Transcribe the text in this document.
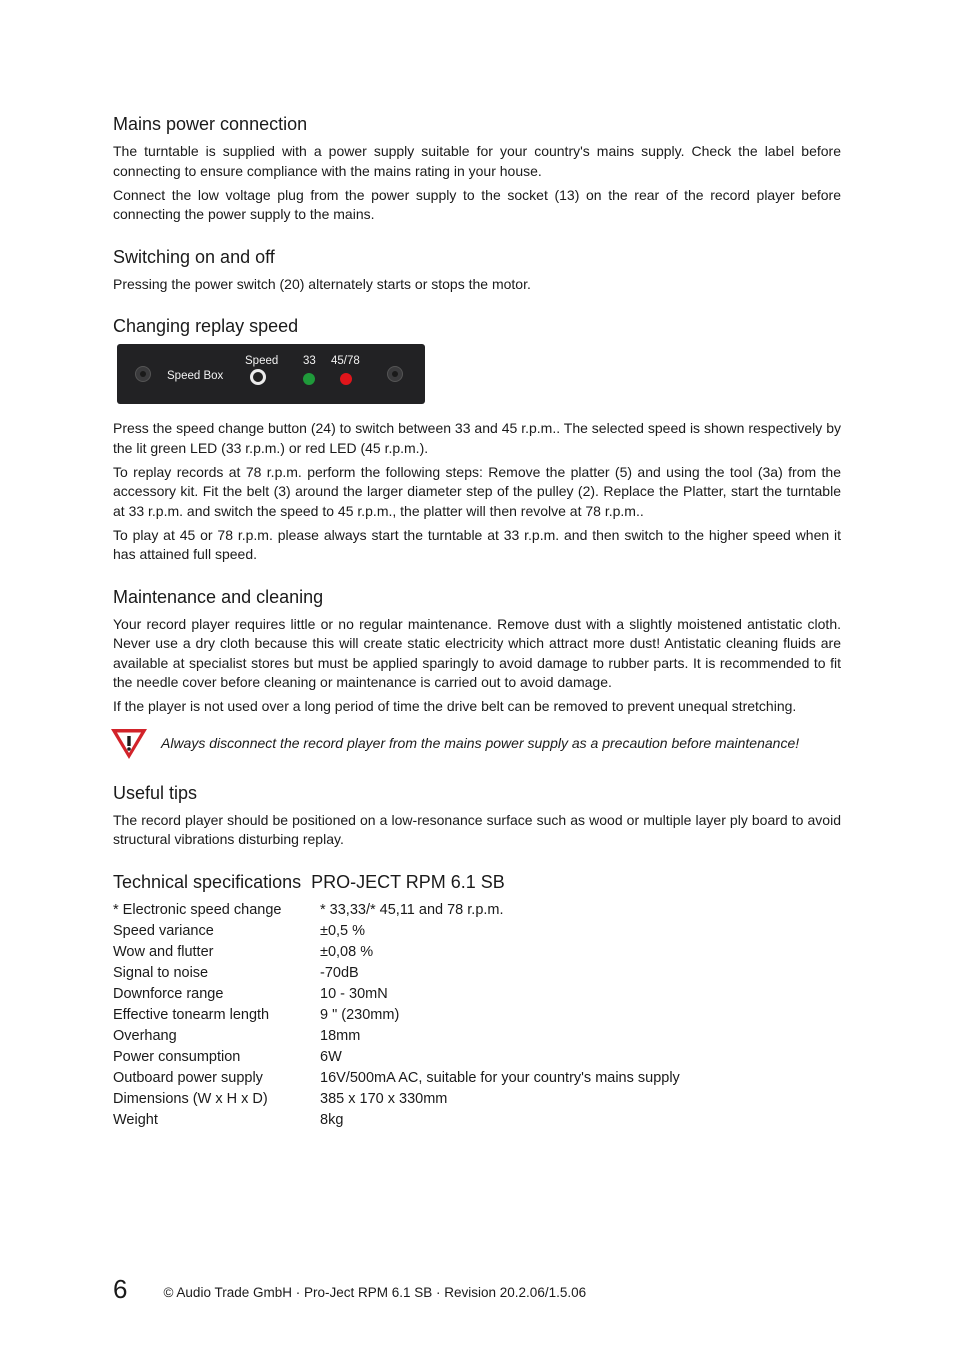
Mains power connection

The turntable is supplied with a power supply suitable for your country's mains supply. Check the label before connecting to ensure compliance with the mains rating in your house.

Connect the low voltage plug from the power supply to the socket (13) on the rear of the record player before connecting the power supply to the mains.

Switching on and off

Pressing the power switch (20) alternately starts or stops the motor.

Changing replay speed
Speed Box
Speed 33 45/78

Press the speed change button (24) to switch between 33 and 45 r.p.m.. The selected speed is shown respectively by the lit green LED (33 r.p.m.) or red LED (45 r.p.m.).

To replay records at 78 r.p.m. perform the following steps: Remove the platter (5) and using the tool (3a) from the accessory kit. Fit the belt (3) around the larger diameter step of the pulley (2). Replace the Platter, start the turntable at 33 r.p.m. and switch the speed to 45 r.p.m., the platter will then revolve at 78 r.p.m..

To play at 45 or 78 r.p.m. please always start the turntable at 33 r.p.m. and then switch to the higher speed when it has attained full speed.

Maintenance and cleaning

Your record player requires little or no regular maintenance. Remove dust with a slightly moistened antistatic cloth. Never use a dry cloth because this will create static electricity which attract more dust! Antistatic cleaning fluids are available at specialist stores but must be applied sparingly to avoid damage to rubber parts. It is recommended to fit the needle cover before cleaning or maintenance is carried out to avoid damage.

If the player is not used over a long period of time the drive belt can be removed to prevent unequal stretching.

Always disconnect the record player from the mains power supply as a precaution before maintenance!

Useful tips

The record player should be positioned on a low-resonance surface such as wood or multiple layer ply board to avoid structural vibrations disturbing replay.

Technical specifications  PRO-JECT RPM 6.1 SB
* Electronic speed change	* 33,33/* 45,11 and 78 r.p.m.
Speed variance	±0,5 %
Wow and flutter	±0,08 %
Signal to noise	-70dB
Downforce range	10 - 30mN
Effective tonearm length	9 " (230mm)
Overhang	18mm
Power consumption	6W
Outboard power supply	16V/500mA AC, suitable for your country's mains supply
Dimensions (W x H x D)	385 x 170 x 330mm
Weight	8kg
6	© Audio Trade GmbH · Pro-Ject RPM 6.1 SB · Revision 20.2.06/1.5.06
